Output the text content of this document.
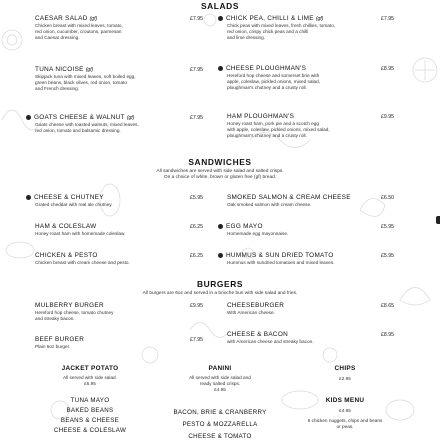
SALADS
CAESAR SALAD (gf)	£7.95
Chicken breast with mixed leaves, tomato,
red onion, cucumber, croutons, parmesan
and Caesar dressing.
TUNA NICOISE (gf)	£7.95
Skipjack tuna with mixed leaves, soft boiled egg,
green beans, black olives, red onion, tomato
and French dressing.
GOATS CHEESE & WALNUT (gf)	£7.95
Goats cheese with toasted walnuts, mixed leaves,
red onion, tomato and balsamic dressing.
CHICK PEA, CHILLI & LIME (gf)	£7.95
Chick peas with mixed leaves, fresh chillies, tomato,
red onion, crispy chick peas and a chilli
and lime dressing.
CHEESE PLOUGHMAN'S	£8.95
Hereford hop cheese and somerset brie with
apple, coleslaw, pickled onions, mixed salad,
ploughman's chutney and a crusty roll.
HAM PLOUGHMAN'S	£9.95
Honey roast ham, pork pie and a scotch egg
with apple, coleslaw, pickled onions, mixed salad,
ploughman's chutney and a crusty roll.
SANDWICHES
All sandwiches are served with side salad and salted crisps.
On a choice of white, brown or gluten free (gf) bread.
CHEESE & CHUTNEY	£5.95
Grated cheddar with real ale chutney.
HAM & COLESLAW	£6.25
Honey roast ham with homemade coleslaw.
CHICKEN & PESTO	£6.25
Chicken breast with cream cheese and pesto.
SMOKED SALMON & CREAM CHEESE	£6.50
Oak smoked salmon with cream cheese.
EGG MAYO	£5.95
Homemade egg mayonnaise.
HUMMUS & SUN DRIED TOMATO	£5.95
Hummus with sundried tomatoes and mixed leaves.
BURGERS
All burgers are 6oz and served in a brioche bun with side salad and fries.
MULBERRY BURGER	£9.95
Hereford hop cheese, tomato chutney
and streaky bacon.
BEEF BURGER	£7.95
Plain 6oz burger.
CHEESEBURGER	£8.65
With American cheese.
CHEESE & BACON	£8.95
with American cheese and streaky bacon.
JACKET POTATO
All served with side salad.
£6.95
TUNA MAYO
BAKED BEANS
BEANS & CHEESE
CHEESE & COLESLAW
PANINI
All served with side salad and
ready salted crisps.
£4.95
BACON, BRIE & CRANBERRY
PESTO & MOZZARELLA
CHEESE & TOMATO
CHIPS
£2.95
KIDS MENU
£4.95
6 chicken nuggets, chips and beans
or peas.
